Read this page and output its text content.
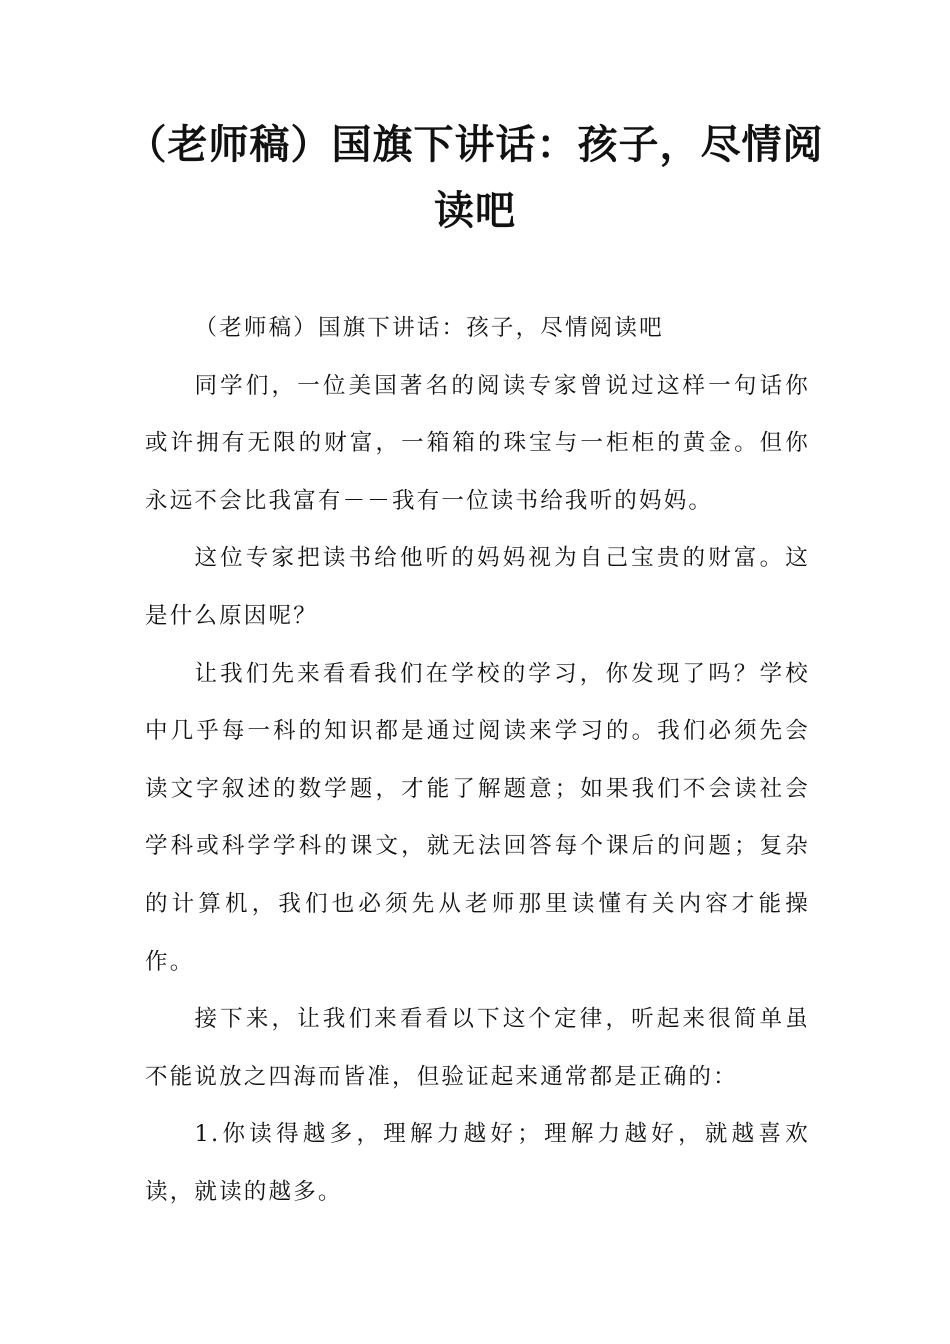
（老师稿）国旗下讲话：孩子，尽情阅读吧

（老师稿）国旗下讲话：孩子，尽情阅读吧

同学们，一位美国著名的阅读专家曾说过这样一句话你或许拥有无限的财富，一箱箱的珠宝与一柜柜的黄金。但你永远不会比我富有－－我有一位读书给我听的妈妈。

这位专家把读书给他听的妈妈视为自己宝贵的财富。这是什么原因呢？

让我们先来看看我们在学校的学习，你发现了吗？学校中几乎每一科的知识都是通过阅读来学习的。我们必须先会读文字叙述的数学题，才能了解题意；如果我们不会读社会学科或科学学科的课文，就无法回答每个课后的问题；复杂的计算机，我们也必须先从老师那里读懂有关内容才能操作。

接下来，让我们来看看以下这个定律，听起来很简单虽不能说放之四海而皆准，但验证起来通常都是正确的：

1.你读得越多，理解力越好；理解力越好，就越喜欢读，就读的越多。
